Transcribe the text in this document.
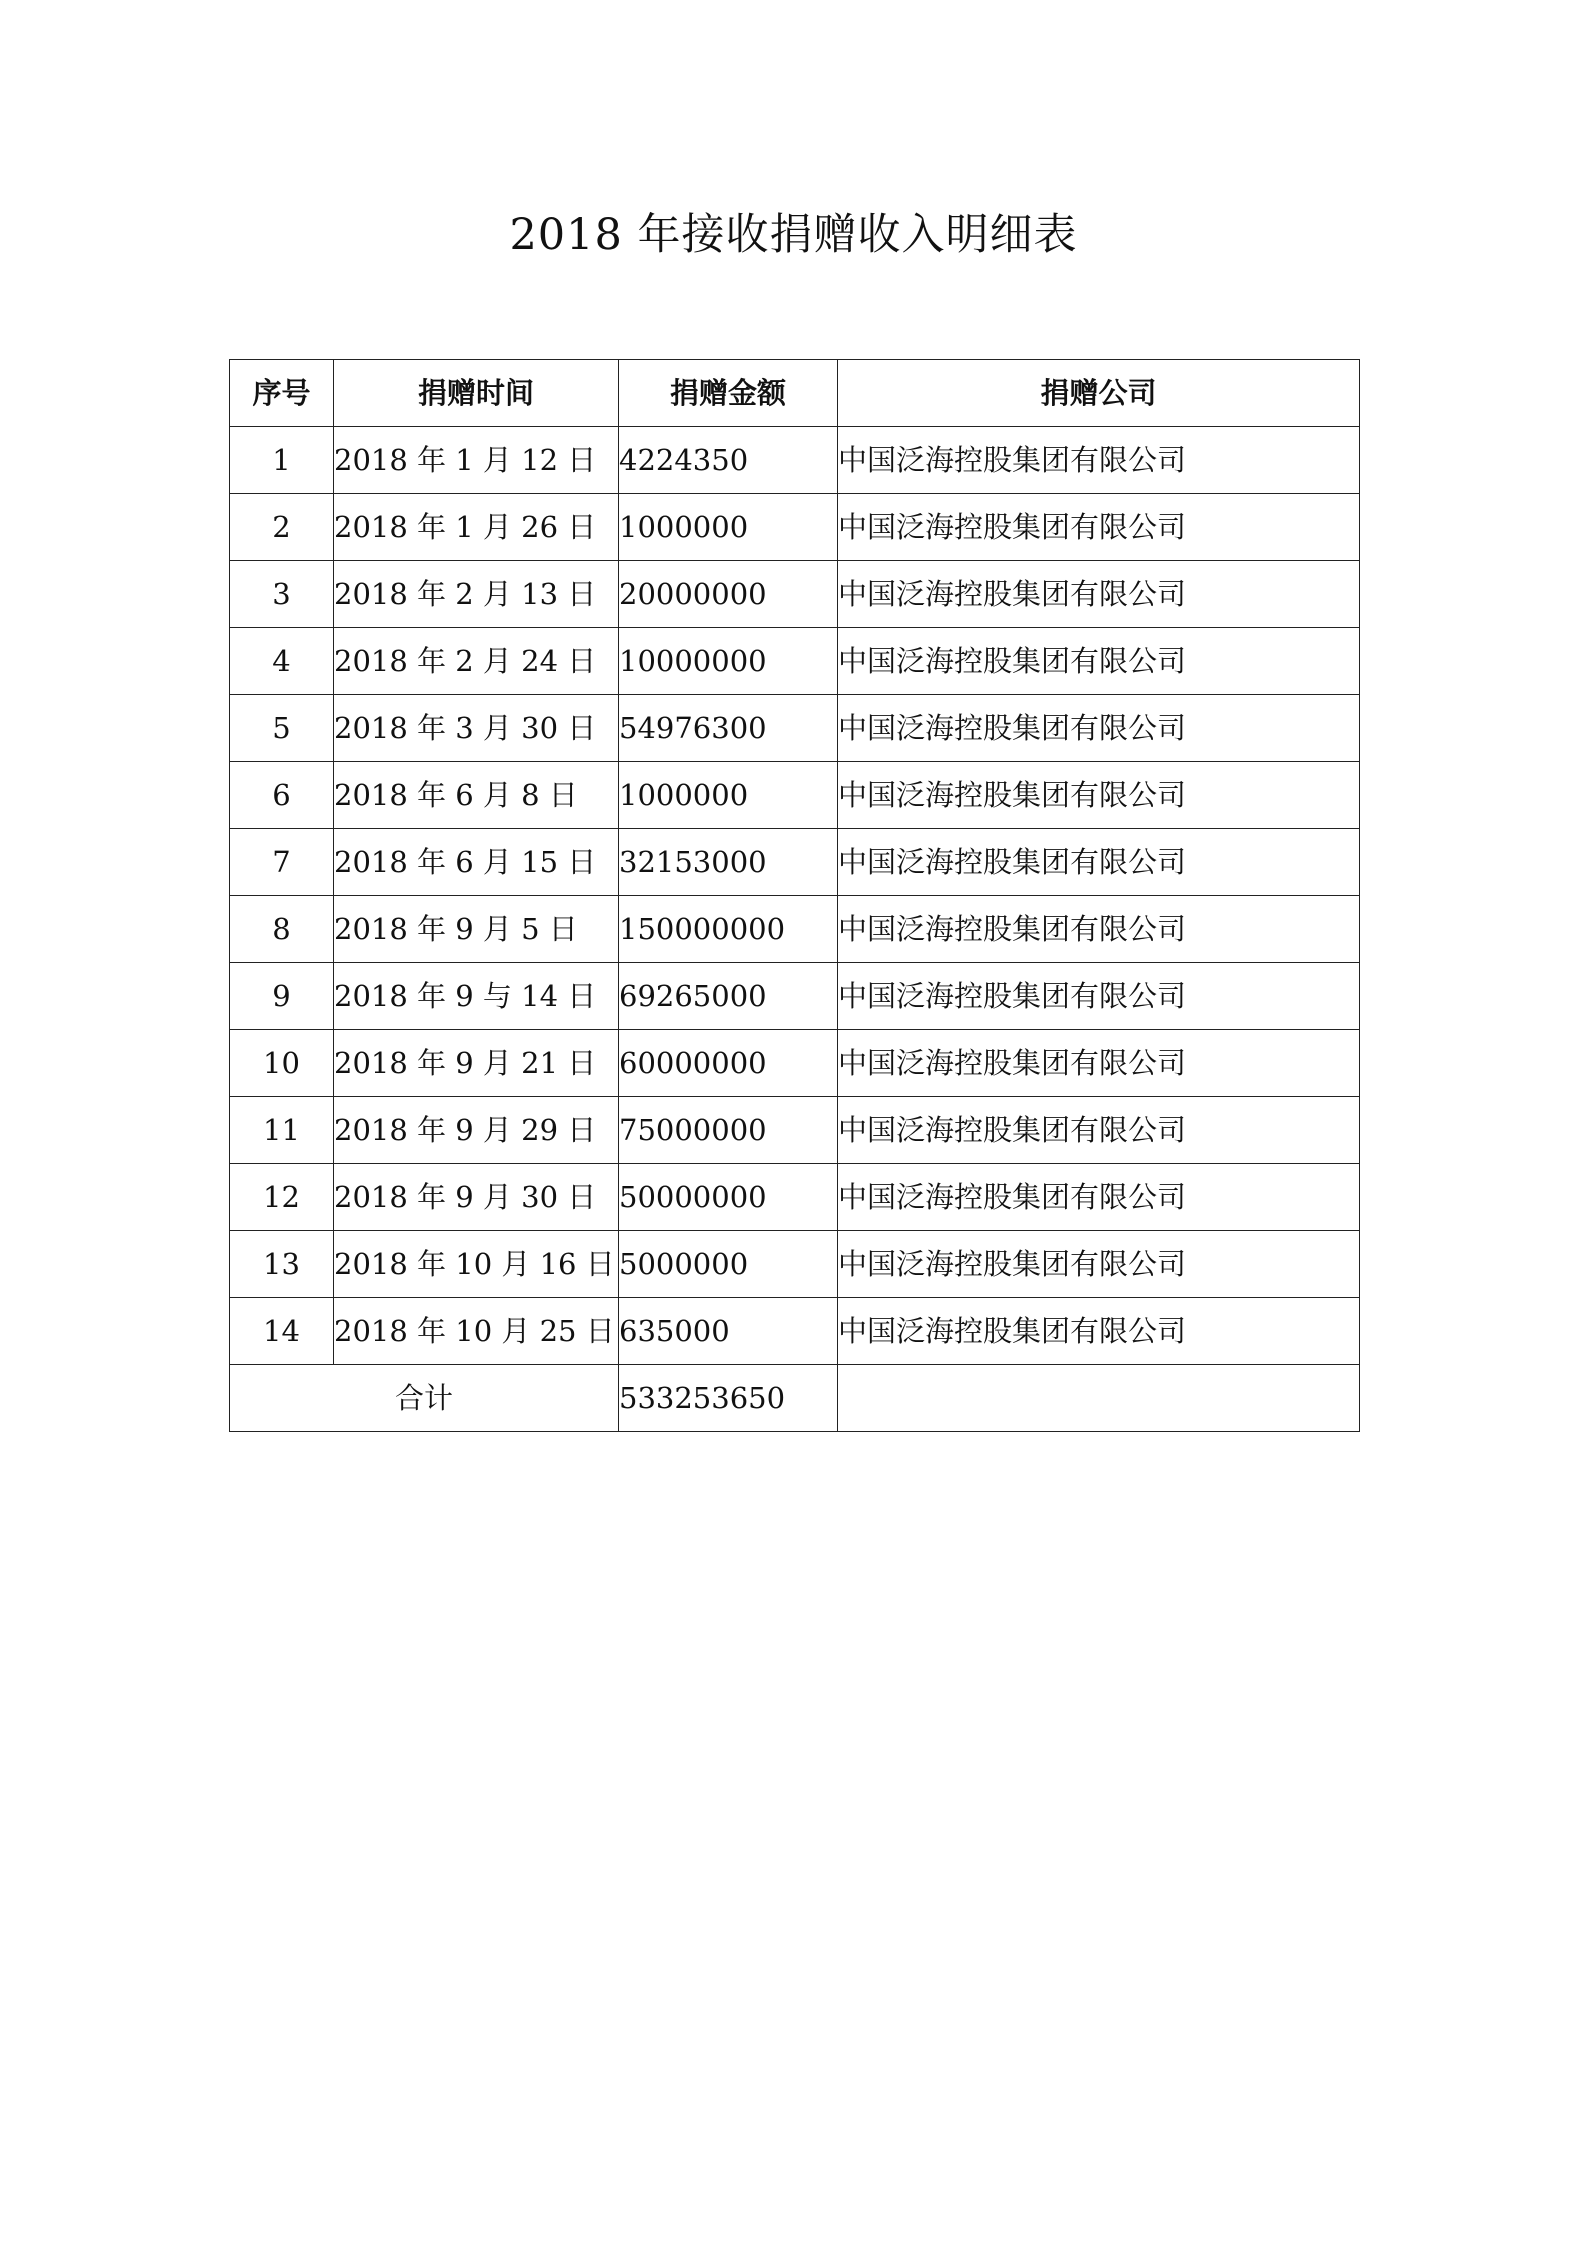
2018 年接收捐赠收入明细表
序号	捐赠时间	捐赠金额	捐赠公司
1	2018 年 1 月 12 日	4224350	中国泛海控股集团有限公司
2	2018 年 1 月 26 日	1000000	中国泛海控股集团有限公司
3	2018 年 2 月 13 日	20000000	中国泛海控股集团有限公司
4	2018 年 2 月 24 日	10000000	中国泛海控股集团有限公司
5	2018 年 3 月 30 日	54976300	中国泛海控股集团有限公司
6	2018 年 6 月 8 日	1000000	中国泛海控股集团有限公司
7	2018 年 6 月 15 日	32153000	中国泛海控股集团有限公司
8	2018 年 9 月 5 日	150000000	中国泛海控股集团有限公司
9	2018 年 9 与 14 日	69265000	中国泛海控股集团有限公司
10	2018 年 9 月 21 日	60000000	中国泛海控股集团有限公司
11	2018 年 9 月 29 日	75000000	中国泛海控股集团有限公司
12	2018 年 9 月 30 日	50000000	中国泛海控股集团有限公司
13	2018 年 10 月 16 日	5000000	中国泛海控股集团有限公司
14	2018 年 10 月 25 日	635000	中国泛海控股集团有限公司
合计		533253650	
